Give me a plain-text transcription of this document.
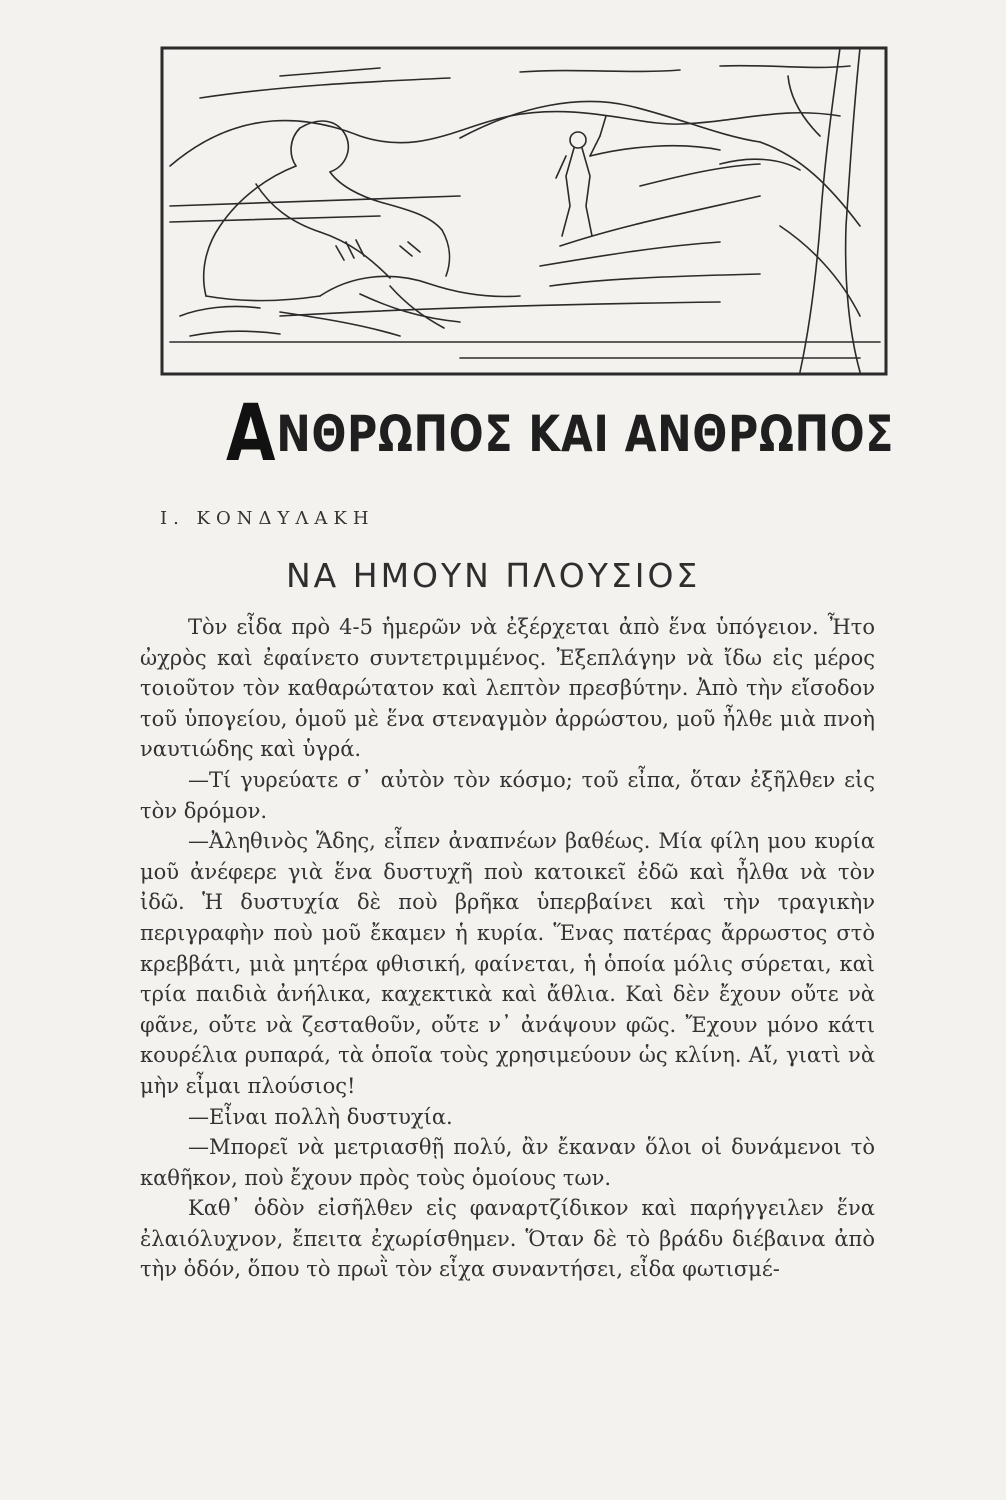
ΑΝΘΡΩΠΟΣ ΚΑΙ ΑΝΘΡΩΠΟΣ
Ι. ΚΟΝΔΥΛΑΚΗ
ΝΑ ΗΜΟΥΝ ΠΛΟΥΣΙΟΣ

Τὸν εἶδα πρὸ 4-5 ἡμερῶν νὰ ἐξέρχεται ἀπὸ ἕνα ὑπόγειον. Ἦτο ὠχρὸς καὶ ἐφαίνετο συντετριμμένος. Ἐξεπλάγην νὰ ἴδω εἰς μέρος τοιοῦτον τὸν καθαρώτατον καὶ λεπτὸν πρεσβύτην. Ἀπὸ τὴν εἴσοδον τοῦ ὑπογείου, ὁμοῦ μὲ ἕνα στεναγμὸν ἀρρώστου, μοῦ ἦλθε μιὰ πνοὴ ναυτιώδης καὶ ὑγρά.

—Τί γυρεύατε σ᾽ αὐτὸν τὸν κόσμο; τοῦ εἶπα, ὅταν ἐξῆλθεν εἰς τὸν δρόμον.

—Ἀληθινὸς Ἅδης, εἶπεν ἀναπνέων βαθέως. Μία φίλη μου κυρία μοῦ ἀνέφερε γιὰ ἕνα δυστυχῆ ποὺ κατοικεῖ ἐδῶ καὶ ἦλθα νὰ τὸν ἰδῶ. Ἡ δυστυχία δὲ ποὺ βρῆκα ὑπερβαίνει καὶ τὴν τραγικὴν περιγραφὴν ποὺ μοῦ ἔκαμεν ἡ κυρία. Ἕνας πατέρας ἄρρωστος στὸ κρεββάτι, μιὰ μητέρα φθισική, φαίνεται, ἡ ὁποία μόλις σύρεται, καὶ τρία παιδιὰ ἀνήλικα, καχεκτικὰ καὶ ἄθλια. Καὶ δὲν ἔχουν οὔτε νὰ φᾶνε, οὔτε νὰ ζεσταθοῦν, οὔτε ν᾽ ἀνάψουν φῶς. Ἔχουν μόνο κάτι κουρέλια ρυπαρά, τὰ ὁποῖα τοὺς χρησιμεύουν ὡς κλίνη. Αἴ, γιατὶ νὰ μὴν εἶμαι πλούσιος!

—Εἶναι πολλὴ δυστυχία.

—Μπορεῖ νὰ μετριασθῇ πολύ, ἂν ἔκαναν ὅλοι οἱ δυνάμενοι τὸ καθῆκον, ποὺ ἔχουν πρὸς τοὺς ὁμοίους των.

Καθ᾽ ὁδὸν εἰσῆλθεν εἰς φαναρτζίδικον καὶ παρήγγειλεν ἕνα ἐλαιόλυχνον, ἔπειτα ἐχωρίσθημεν. Ὅταν δὲ τὸ βράδυ διέβαινα ἀπὸ τὴν ὁδόν, ὅπου τὸ πρωῒ τὸν εἶχα συναντήσει, εἶδα φωτισμέ-
